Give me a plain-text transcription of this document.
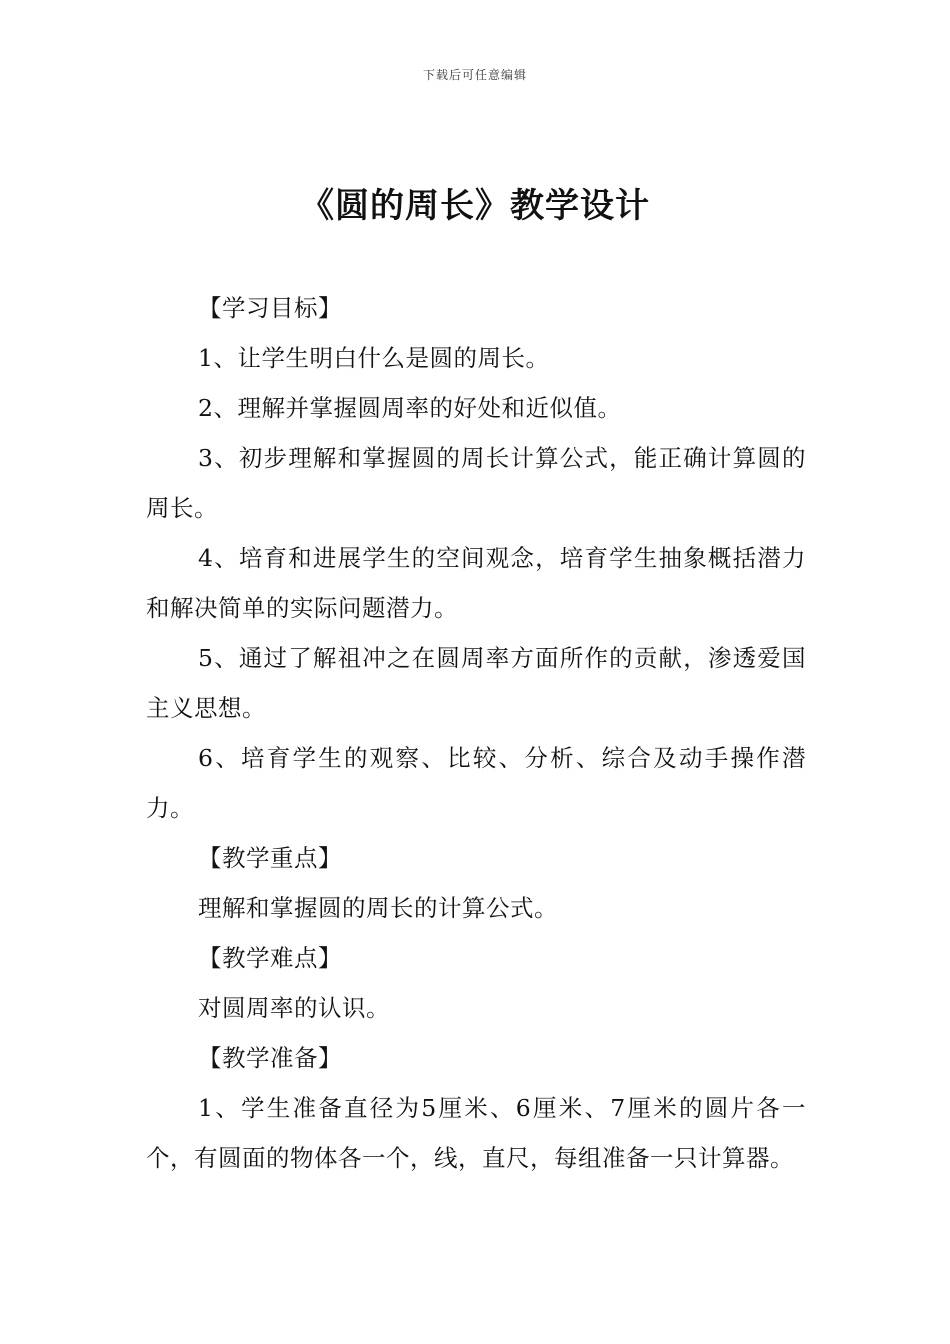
下载后可任意编辑
《圆的周长》教学设计

【学习目标】

1、让学生明白什么是圆的周长。

2、理解并掌握圆周率的好处和近似值。

3、初步理解和掌握圆的周长计算公式，能正确计算圆的周长。

4、培育和进展学生的空间观念，培育学生抽象概括潜力和解决简单的实际问题潜力。

5、通过了解祖冲之在圆周率方面所作的贡献，渗透爱国主义思想。

6、培育学生的观察、比较、分析、综合及动手操作潜力。

【教学重点】

理解和掌握圆的周长的计算公式。

【教学难点】

对圆周率的认识。

【教学准备】

1、学生准备直径为5厘米、6厘米、7厘米的圆片各一个，有圆面的物体各一个，线，直尺，每组准备一只计算器。
